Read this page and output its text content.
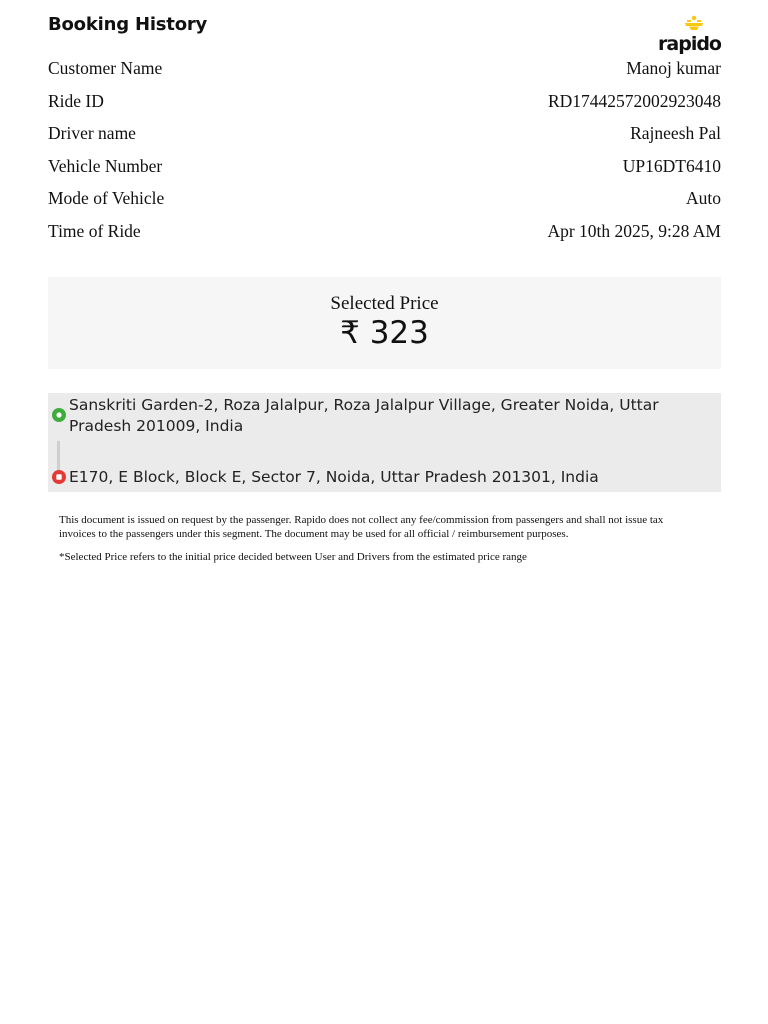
Booking History
rapido
Customer Name	Manoj kumar
Ride ID	RD17442572002923048
Driver name	Rajneesh Pal
Vehicle Number	UP16DT6410
Mode of Vehicle	Auto
Time of Ride	Apr 10th 2025, 9:28 AM
Selected Price
₹ 323
Sanskriti Garden-2, Roza Jalalpur, Roza Jalalpur Village, Greater Noida, Uttar Pradesh 201009, India
E170, E Block, Block E, Sector 7, Noida, Uttar Pradesh 201301, India

This document is issued on request by the passenger. Rapido does not collect any fee/commission from passengers and shall not issue tax invoices to the passengers under this segment. The document may be used for all official / reimbursement purposes.

*Selected Price refers to the initial price decided between User and Drivers from the estimated price range
